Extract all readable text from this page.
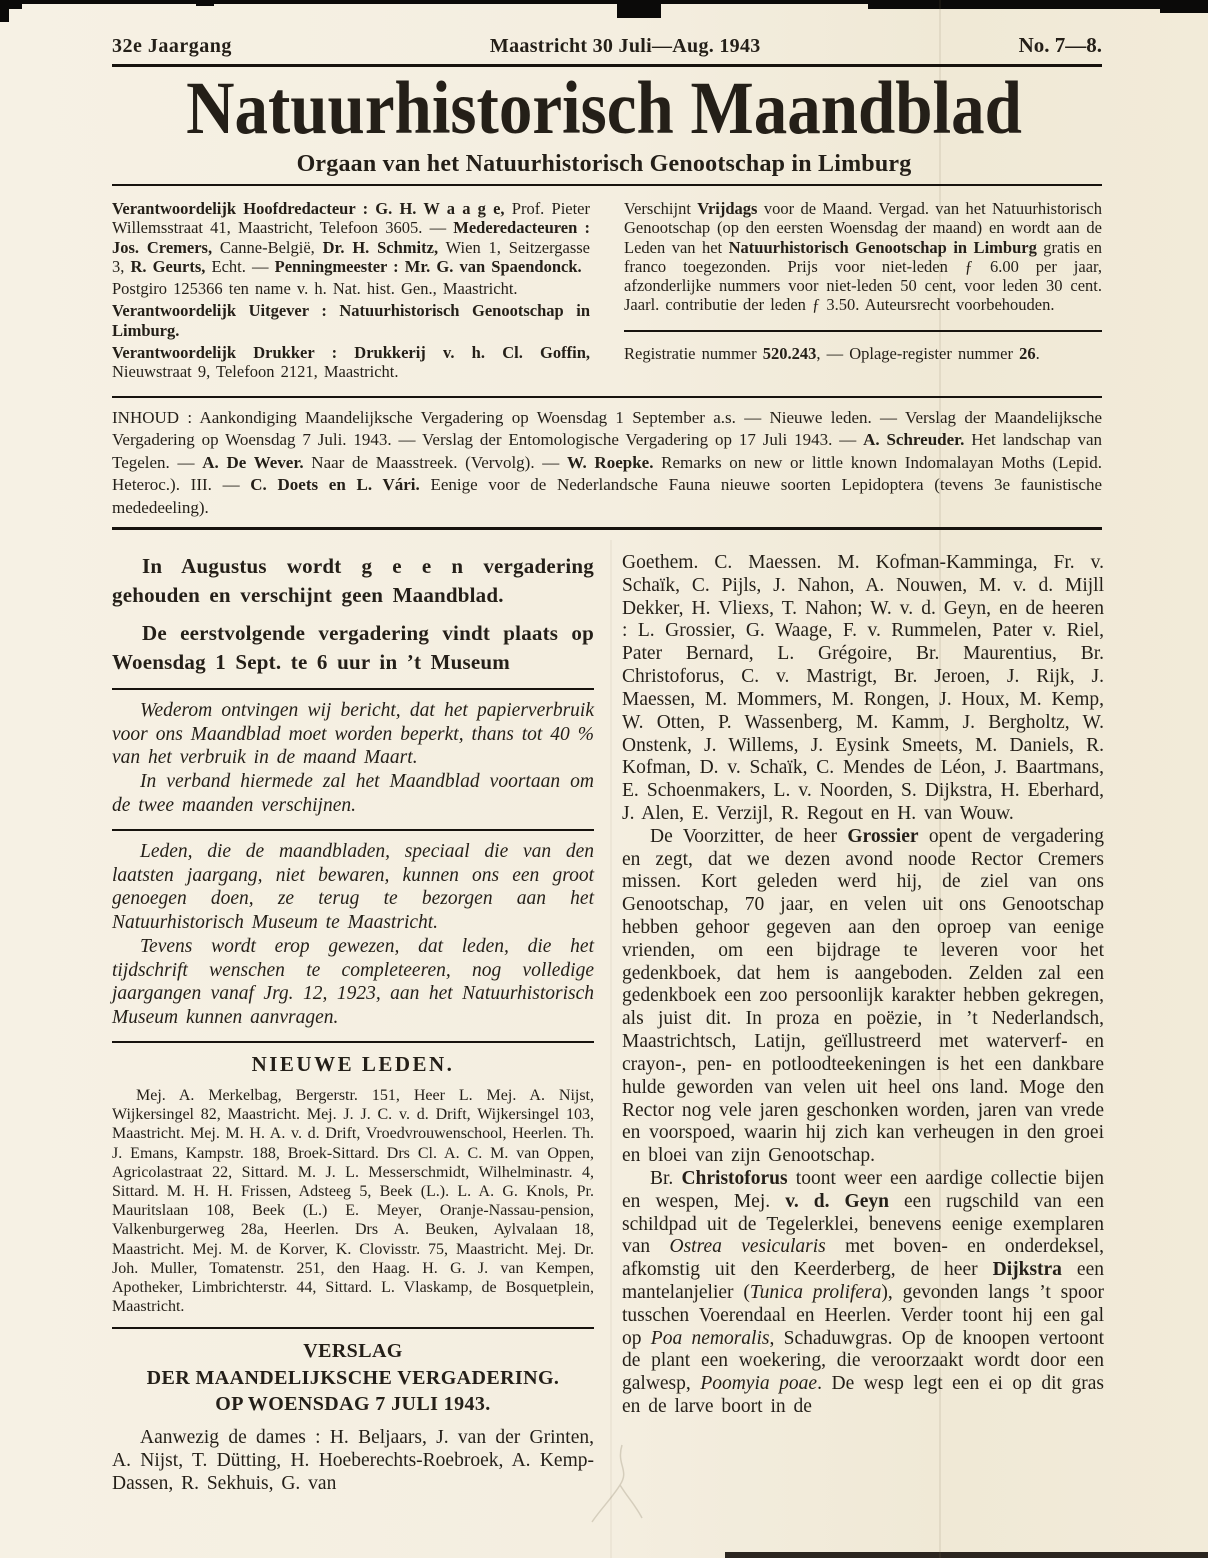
32e Jaargang	Maastricht 30 Juli—Aug. 1943	No. 7—8.
Natuurhistorisch Maandblad
Orgaan van het Natuurhistorisch Genootschap in Limburg

Verantwoordelijk Hoofdredacteur : G. H. W a a g e, Prof. Pieter Willemsstraat 41, Maastricht, Telefoon 3605. — Mederedacteuren : Jos. Cremers, Canne-België, Dr. H. Schmitz, Wien 1, Seitzergasse 3, R. Geurts, Echt. — Penningmeester : Mr. G. van Spaendonck.

Postgiro 125366 ten name v. h. Nat. hist. Gen., Maastricht.

Verantwoordelijk Uitgever : Natuurhistorisch Genootschap in Limburg.

Verantwoordelijk Drukker : Drukkerij v. h. Cl. Goffin, Nieuwstraat 9, Telefoon 2121, Maastricht.

Verschijnt Vrijdags voor de Maand. Vergad. van het Natuurhistorisch Genootschap (op den eersten Woensdag der maand) en wordt aan de Leden van het Natuurhistorisch Genootschap in Limburg gratis en franco toegezonden. Prijs voor niet-leden ƒ 6.00 per jaar, afzonderlijke nummers voor niet-leden 50 cent, voor leden 30 cent. Jaarl. contributie der leden ƒ 3.50. Auteursrecht voorbehouden.

Registratie nummer 520.243, — Oplage-register nummer 26.

INHOUD : Aankondiging Maandelijksche Vergadering op Woensdag 1 September a.s. — Nieuwe leden. — Verslag der Maandelijksche Vergadering op Woensdag 7 Juli. 1943. — Verslag der Entomologische Vergadering op 17 Juli 1943. — A. Schreuder. Het landschap van Tegelen. — A. De Wever. Naar de Maasstreek. (Vervolg). — W. Roepke. Remarks on new or little known Indomalayan Moths (Lepid. Heteroc.). III. — C. Doets en L. Vári. Eenige voor de Nederlandsche Fauna nieuwe soorten Lepidoptera (tevens 3e faunistische mededeeling).

In Augustus wordt g e e n vergadering gehouden en verschijnt geen Maandblad.

De eerstvolgende vergadering vindt plaats op Woensdag 1 Sept. te 6 uur in ’t Museum

Wederom ontvingen wij bericht, dat het papierverbruik voor ons Maandblad moet worden beperkt, thans tot 40 % van het verbruik in de maand Maart.

In verband hiermede zal het Maandblad voortaan om de twee maanden verschijnen.

Leden, die de maandbladen, speciaal die van den laatsten jaargang, niet bewaren, kunnen ons een groot genoegen doen, ze terug te bezorgen aan het Natuurhistorisch Museum te Maastricht.

Tevens wordt erop gewezen, dat leden, die het tijdschrift wenschen te completeeren, nog volledige jaargangen vanaf Jrg. 12, 1923, aan het Natuurhistorisch Museum kunnen aanvragen.

NIEUWE LEDEN.

Mej. A. Merkelbag, Bergerstr. 151, Heer L. Mej. A. Nijst, Wijkersingel 82, Maastricht. Mej. J. J. C. v. d. Drift, Wijkersingel 103, Maastricht. Mej. M. H. A. v. d. Drift, Vroedvrouwenschool, Heerlen. Th. J. Emans, Kampstr. 188, Broek-Sittard. Drs Cl. A. C. M. van Oppen, Agricolastraat 22, Sittard. M. J. L. Messerschmidt, Wilhelminastr. 4, Sittard. M. H. H. Frissen, Adsteeg 5, Beek (L.). L. A. G. Knols, Pr. Mauritslaan 108, Beek (L.) E. Meyer, Oranje-Nassau-pension, Valkenburgerweg 28a, Heerlen. Drs A. Beuken, Aylvalaan 18, Maastricht. Mej. M. de Korver, K. Clovisstr. 75, Maastricht. Mej. Dr. Joh. Muller, Tomatenstr. 251, den Haag. H. G. J. van Kempen, Apotheker, Limbrichterstr. 44, Sittard. L. Vlaskamp, de Bosquetplein, Maastricht.

VERSLAG
DER MAANDELIJKSCHE VERGADERING.
OP WOENSDAG 7 JULI 1943.

Aanwezig de dames : H. Beljaars, J. van der Grinten, A. Nijst, T. Dütting, H. Hoeberechts-Roebroek, A. Kemp-Dassen, R. Sekhuis, G. van

Goethem. C. Maessen. M. Kofman-Kamminga, Fr. v. Schaïk, C. Pijls, J. Nahon, A. Nouwen, M. v. d. Mijll Dekker, H. Vliexs, T. Nahon; W. v. d. Geyn, en de heeren : L. Grossier, G. Waage, F. v. Rummelen, Pater v. Riel, Pater Bernard, L. Grégoire, Br. Maurentius, Br. Christoforus, C. v. Mastrigt, Br. Jeroen, J. Rijk, J. Maessen, M. Mommers, M. Rongen, J. Houx, M. Kemp, W. Otten, P. Wassenberg, M. Kamm, J. Bergholtz, W. Onstenk, J. Willems, J. Eysink Smeets, M. Daniels, R. Kofman, D. v. Schaïk, C. Mendes de Léon, J. Baartmans, E. Schoenmakers, L. v. Noorden, S. Dijkstra, H. Eberhard, J. Alen, E. Verzijl, R. Regout en H. van Wouw.

De Voorzitter, de heer Grossier opent de vergadering en zegt, dat we dezen avond noode Rector Cremers missen. Kort geleden werd hij, de ziel van ons Genootschap, 70 jaar, en velen uit ons Genootschap hebben gehoor gegeven aan den oproep van eenige vrienden, om een bijdrage te leveren voor het gedenkboek, dat hem is aangeboden. Zelden zal een gedenkboek een zoo persoonlijk karakter hebben gekregen, als juist dit. In proza en poëzie, in ’t Nederlandsch, Maastrichtsch, Latijn, geïllustreerd met waterverf- en crayon-, pen- en potloodteekeningen is het een dankbare hulde geworden van velen uit heel ons land. Moge den Rector nog vele jaren geschonken worden, jaren van vrede en voorspoed, waarin hij zich kan verheugen in den groei en bloei van zijn Genootschap.

Br. Christoforus toont weer een aardige collectie bijen en wespen, Mej. v. d. Geyn een rugschild van een schildpad uit de Tegelerklei, benevens eenige exemplaren van Ostrea vesicularis met boven- en onderdeksel, afkomstig uit den Keerderberg, de heer Dijkstra een mantelanjelier (Tunica prolifera), gevonden langs ’t spoor tusschen Voerendaal en Heerlen. Verder toont hij een gal op Poa nemoralis, Schaduwgras. Op de knoopen vertoont de plant een woekering, die veroorzaakt wordt door een galwesp, Poomyia poae. De wesp legt een ei op dit gras en de larve boort in de
